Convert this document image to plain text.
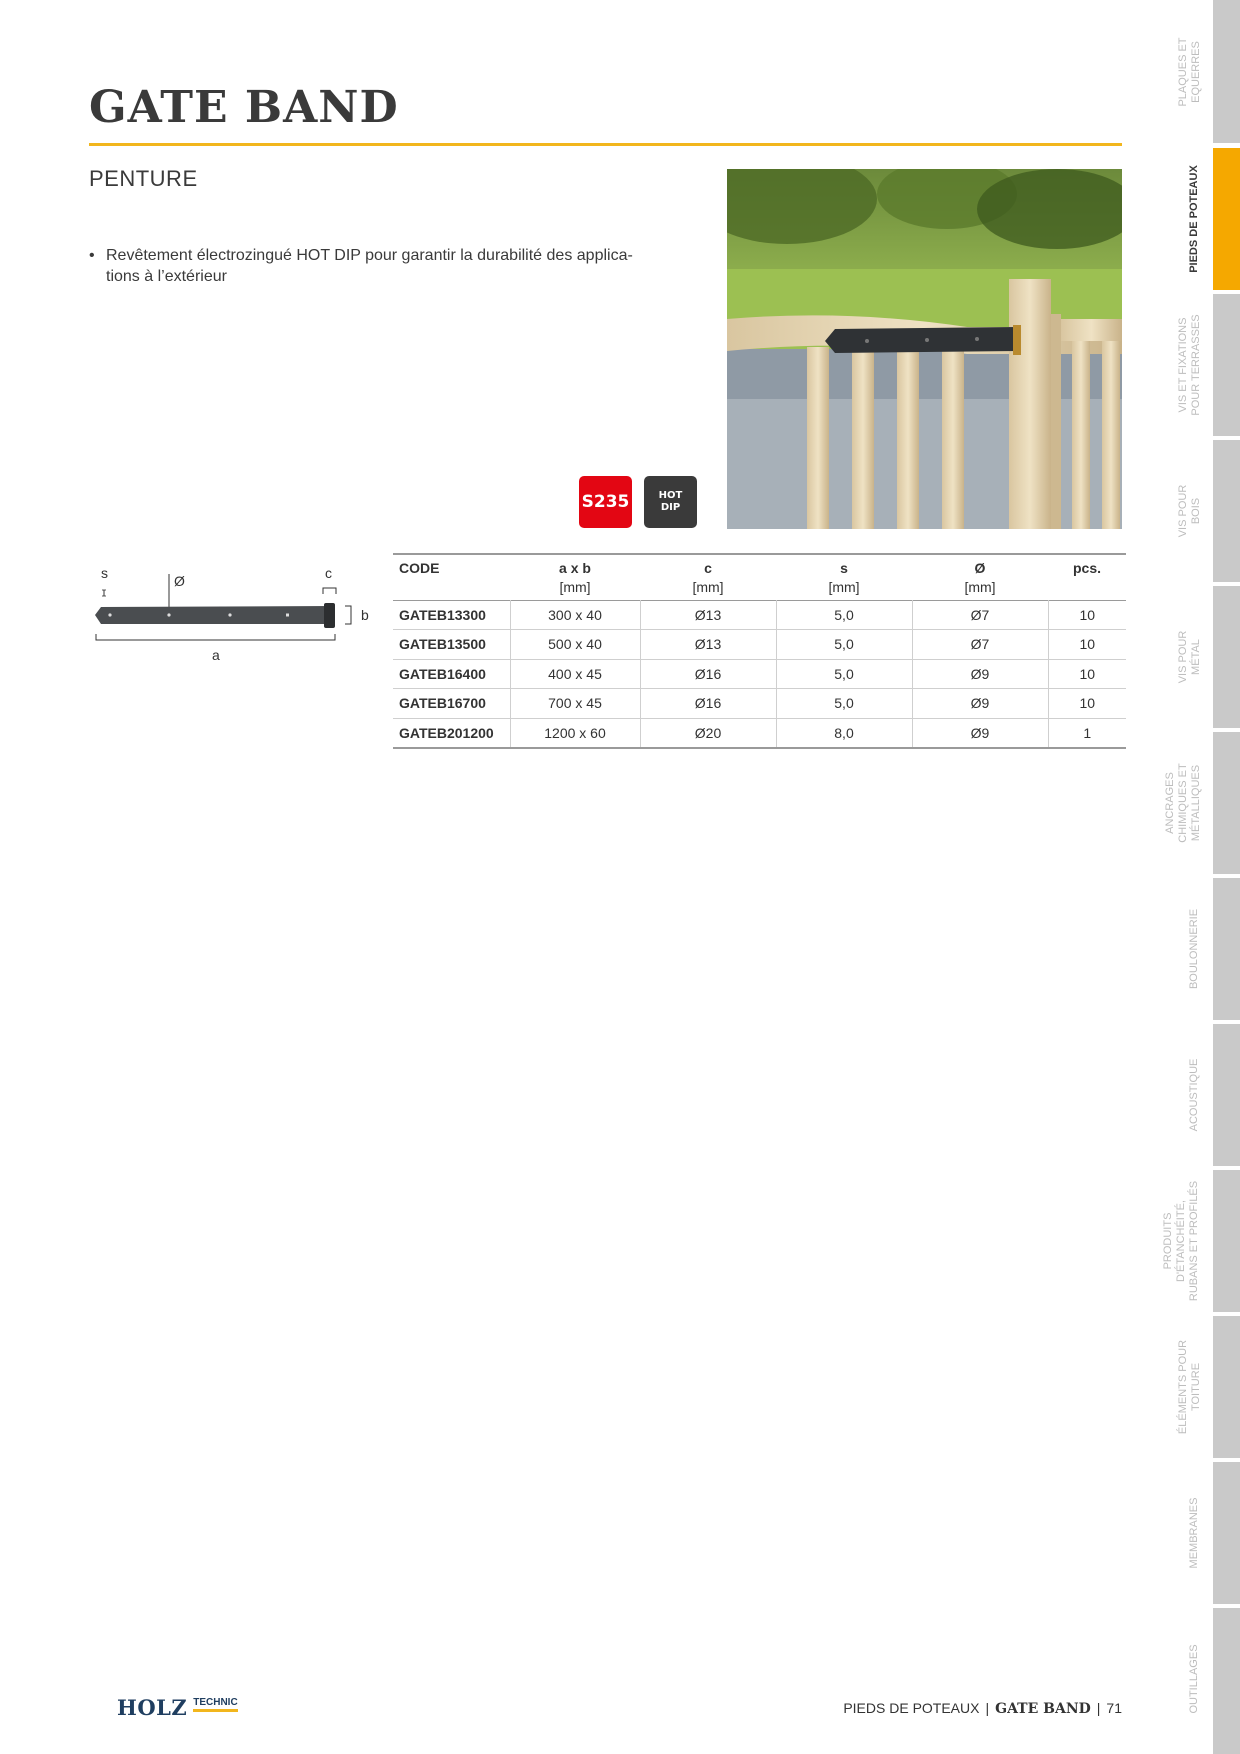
GATE BAND
PENTURE
• Revêtement électrozingué HOT DIP pour garantir la durabilité des applica-
tions à l’extérieur
S235	HOT
DIP
s	Ø	c
b
a
CODE	a x b	c	s	Ø	pcs.
	[mm]	[mm]	[mm]	[mm]	
GATEB13300	300 x 40	Ø13	5,0	Ø7	10
GATEB13500	500 x 40	Ø13	5,0	Ø7	10
GATEB16400	400 x 45	Ø16	5,0	Ø9	10
GATEB16700	700 x 45	Ø16	5,0	Ø9	10
GATEB201200	1200 x 60	Ø20	8,0	Ø9	1
PLAQUES ET
EQUERRES
PIEDS DE POTEAUX
VIS ET FIXATIONS
POUR TERRASSES
VIS POUR
BOIS
VIS POUR
MÉTAL
ANCRAGES
CHIMIQUES ET
MÉTALLIQUES
BOULONNERIE
ACOUSTIQUE
PRODUITS
D'ÉTANCHÉITÉ,
RUBANS ET PROFILÉS
ÉLÉMENTS POUR
TOITURE
MEMBRANES
OUTILLAGES
HOLZ TECHNIC	PIEDS DE POTEAUX | GATE BAND | 71
